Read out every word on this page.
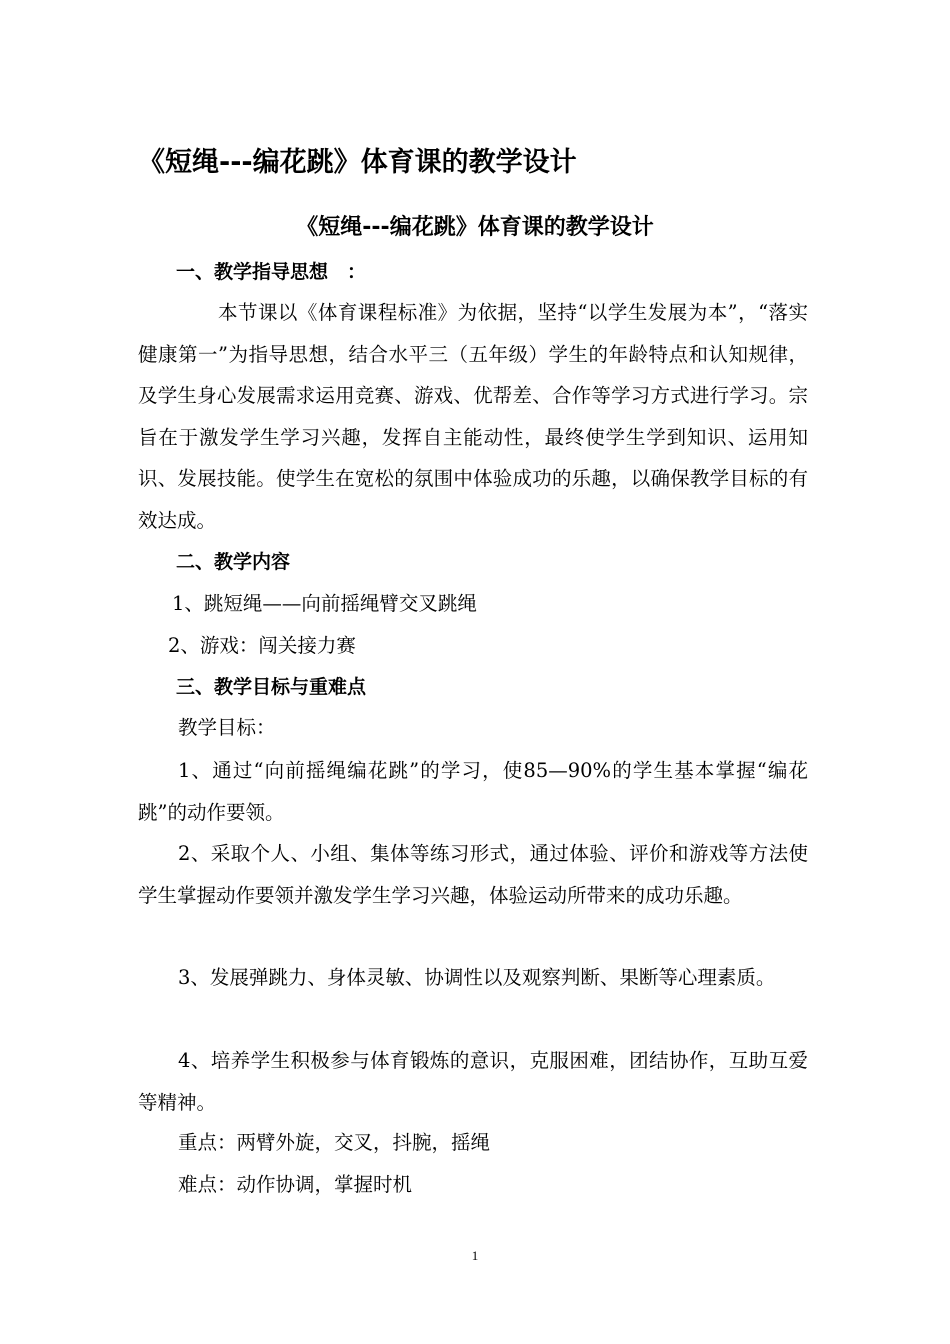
《短绳---编花跳》体育课的教学设计
《短绳---编花跳》体育课的教学设计
一、教学指导思想　：

本节课以《体育课程标准》为依据，坚持“以学生发展为本”，“落实健康第一”为指导思想，结合水平三（五年级）学生的年龄特点和认知规律，及学生身心发展需求运用竞赛、游戏、优帮差、合作等学习方式进行学习。宗旨在于激发学生学习兴趣，发挥自主能动性，最终使学生学到知识、运用知识、发展技能。使学生在宽松的氛围中体验成功的乐趣，以确保教学目标的有效达成。

二、教学内容

1、跳短绳——向前摇绳臂交叉跳绳

2、游戏：闯关接力赛

三、教学目标与重难点

教学目标：

1、通过“向前摇绳编花跳”的学习，使85—90%的学生基本掌握“编花跳”的动作要领。

2、采取个人、小组、集体等练习形式，通过体验、评价和游戏等方法使学生掌握动作要领并激发学生学习兴趣，体验运动所带来的成功乐趣。

3、发展弹跳力、身体灵敏、协调性以及观察判断、果断等心理素质。

4、培养学生积极参与体育锻炼的意识，克服困难，团结协作，互助互爱等精神。

重点：两臂外旋，交叉，抖腕，摇绳

难点：动作协调，掌握时机

1
